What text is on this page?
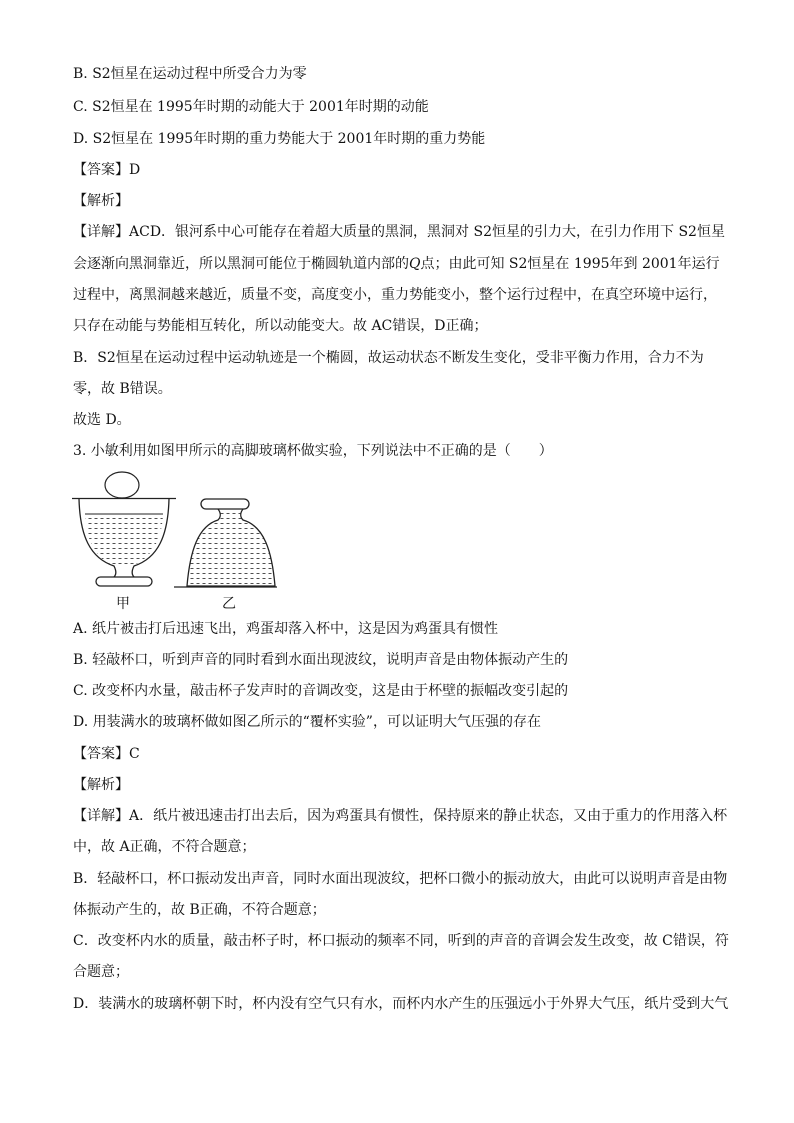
B. S2恒星在运动过程中所受合力为零
C. S2恒星在 1995年时期的动能大于 2001年时期的动能
D. S2恒星在 1995年时期的重力势能大于 2001年时期的重力势能
【答案】D
【解析】
【详解】ACD．银河系中心可能存在着超大质量的黑洞，黑洞对 S2恒星的引力大，在引力作用下 S2恒星
会逐渐向黑洞靠近，所以黑洞可能位于椭圆轨道内部的Q点；由此可知 S2恒星在 1995年到 2001年运行
过程中，离黑洞越来越近，质量不变，高度变小，重力势能变小，整个运行过程中，在真空环境中运行，
只存在动能与势能相互转化，所以动能变大。故 AC错误，D正确；
B．S2恒星在运动过程中运动轨迹是一个椭圆，故运动状态不断发生变化，受非平衡力作用，合力不为
零，故 B错误。
故选 D。
3. 小敏利用如图甲所示的高脚玻璃杯做实验，下列说法中不正确的是（　　）
甲	乙
A. 纸片被击打后迅速飞出，鸡蛋却落入杯中，这是因为鸡蛋具有惯性
B. 轻敲杯口，听到声音的同时看到水面出现波纹，说明声音是由物体振动产生的
C. 改变杯内水量，敲击杯子发声时的音调改变，这是由于杯壁的振幅改变引起的
D. 用装满水的玻璃杯做如图乙所示的“覆杯实验”，可以证明大气压强的存在
【答案】C
【解析】
【详解】A．纸片被迅速击打出去后，因为鸡蛋具有惯性，保持原来的静止状态，又由于重力的作用落入杯
中，故 A正确，不符合题意；
B．轻敲杯口，杯口振动发出声音，同时水面出现波纹，把杯口微小的振动放大，由此可以说明声音是由物
体振动产生的，故 B正确，不符合题意；
C．改变杯内水的质量，敲击杯子时，杯口振动的频率不同，听到的声音的音调会发生改变，故 C错误，符
合题意；
D．装满水的玻璃杯朝下时，杯内没有空气只有水，而杯内水产生的压强远小于外界大气压，纸片受到大气
